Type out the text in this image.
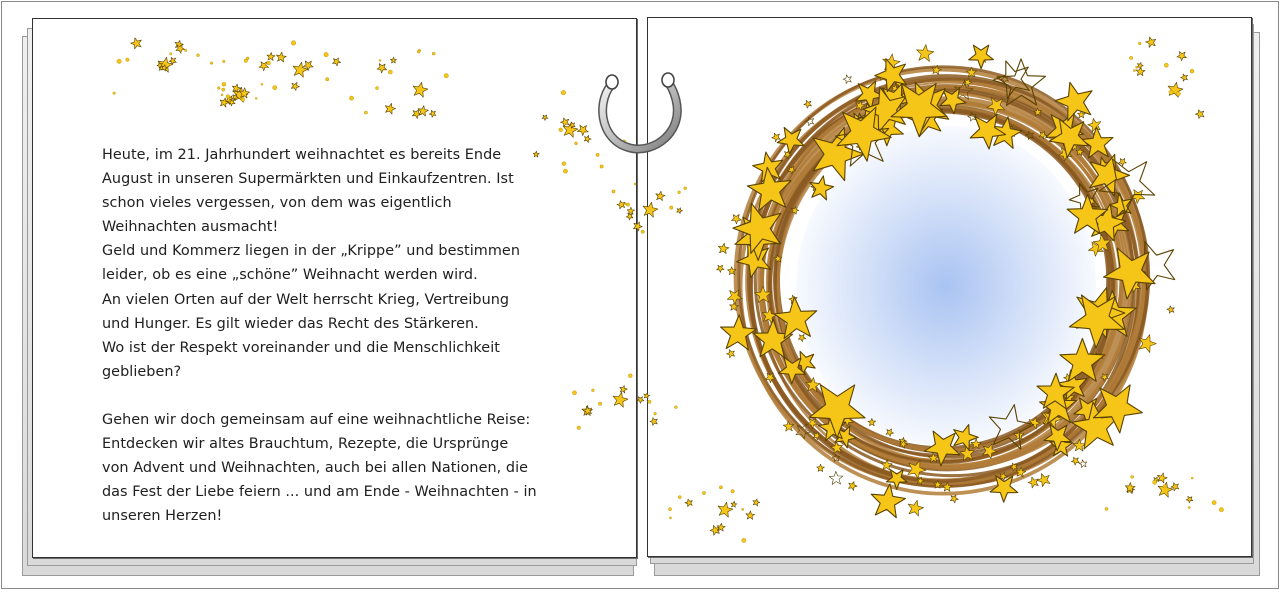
Heute, im 21. Jahrhundert weihnachtet es bereits Ende
August in unseren Supermärkten und Einkaufzentren. Ist
schon vieles vergessen, von dem was eigentlich
Weihnachten ausmacht!
Geld und Kommerz liegen in der „Krippe” und bestimmen
leider, ob es eine „schöne” Weihnacht werden wird.
An vielen Orten auf der Welt herrscht Krieg, Vertreibung
und Hunger. Es gilt wieder das Recht des Stärkeren.
Wo ist der Respekt voreinander und die Menschlichkeit
geblieben?

Gehen wir doch gemeinsam auf eine weihnachtliche Reise:
Entdecken wir altes Brauchtum, Rezepte, die Ursprünge
von Advent und Weihnachten, auch bei allen Nationen, die
das Fest der Liebe feiern ... und am Ende - Weihnachten - in
unseren Herzen!
